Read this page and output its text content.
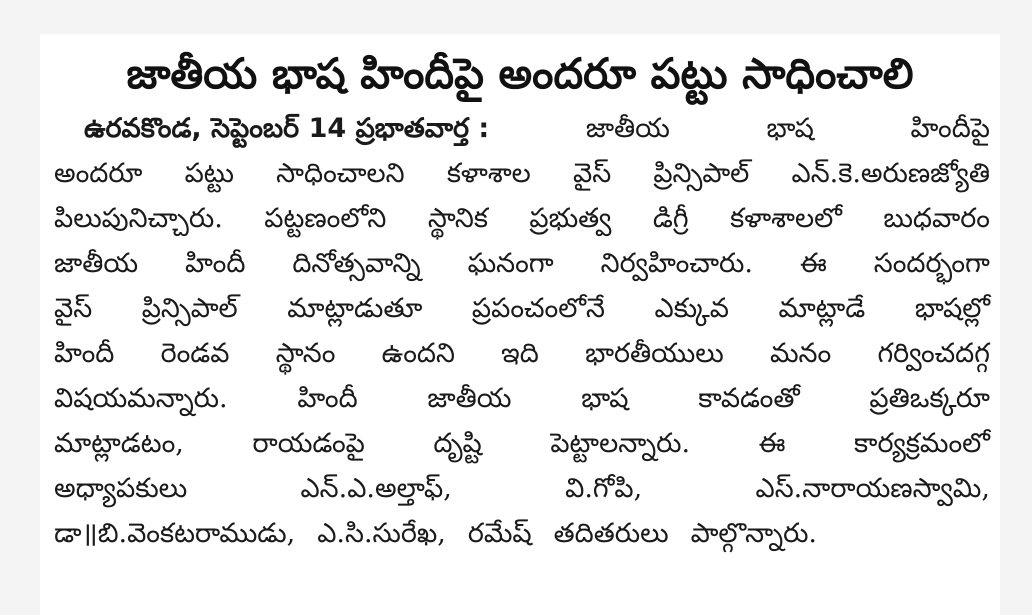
జాతీయ భాష హిందీపై అందరూ పట్టు సాధించాలి
ఉరవకొండ, సెప్టెంబర్ 14 ప్రభాతవార్త :	జాతీయ	భాష	హిందీపై
అందరూ పట్టు సాధించాలని కళాశాల వైస్ ప్రిన్సిపాల్ ఎన్.కె.అరుణజ్యోతి
పిలుపునిచ్చారు. పట్టణంలోని స్థానిక ప్రభుత్వ డిగ్రీ కళాశాలలో బుధవారం
జాతీయ హిందీ దినోత్సవాన్ని ఘనంగా నిర్వహించారు. ఈ సందర్భంగా
వైస్ ప్రిన్సిపాల్ మాట్లాడుతూ ప్రపంచంలోనే ఎక్కువ మాట్లాడే భాషల్లో
హిందీ రెండవ స్థానం ఉందని ఇది భారతీయులు మనం గర్వించదగ్గ
విషయమన్నారు.	హిందీ	జాతీయ	భాష	కావడంతో	ప్రతిఒక్కరూ
మాట్లాడటం,	రాయడంపై	దృష్టి	పెట్టాలన్నారు.	ఈ	కార్యక్రమంలో
అధ్యాపకులు	ఎన్.ఎ.అల్తాఫ్,	వి.గోపి,	ఎస్.నారాయణస్వామి,
డా॥బి.వెంకటరాముడు, ఎ.సి.సురేఖ, రమేష్ తదితరులు పాల్గొన్నారు.
